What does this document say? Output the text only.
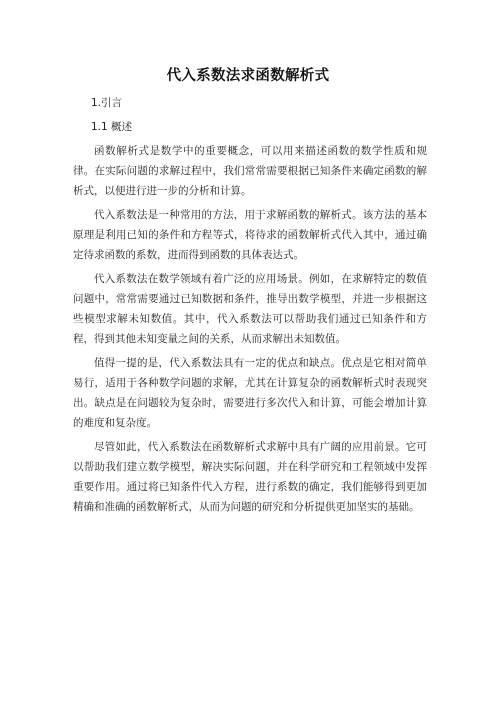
代入系数法求函数解析式
1.引言
1.1 概述

函数解析式是数学中的重要概念，可以用来描述函数的数学性质和规律。在实际问题的求解过程中，我们常常需要根据已知条件来确定函数的解析式，以便进行进一步的分析和计算。

代入系数法是一种常用的方法，用于求解函数的解析式。该方法的基本原理是利用已知的条件和方程等式，将待求的函数解析式代入其中，通过确定待求函数的系数，进而得到函数的具体表达式。

代入系数法在数学领域有着广泛的应用场景。例如，在求解特定的数值问题中，常常需要通过已知数据和条件，推导出数学模型，并进一步根据这些模型求解未知数值。其中，代入系数法可以帮助我们通过已知条件和方程，得到其他未知变量之间的关系，从而求解出未知数值。

值得一提的是，代入系数法具有一定的优点和缺点。优点是它相对简单易行，适用于各种数学问题的求解，尤其在计算复杂的函数解析式时表现突出。缺点是在问题较为复杂时，需要进行多次代入和计算，可能会增加计算的难度和复杂度。

尽管如此，代入系数法在函数解析式求解中具有广阔的应用前景。它可以帮助我们建立数学模型，解决实际问题，并在科学研究和工程领域中发挥重要作用。通过将已知条件代入方程，进行系数的确定，我们能够得到更加精确和准确的函数解析式，从而为问题的研究和分析提供更加坚实的基础。
